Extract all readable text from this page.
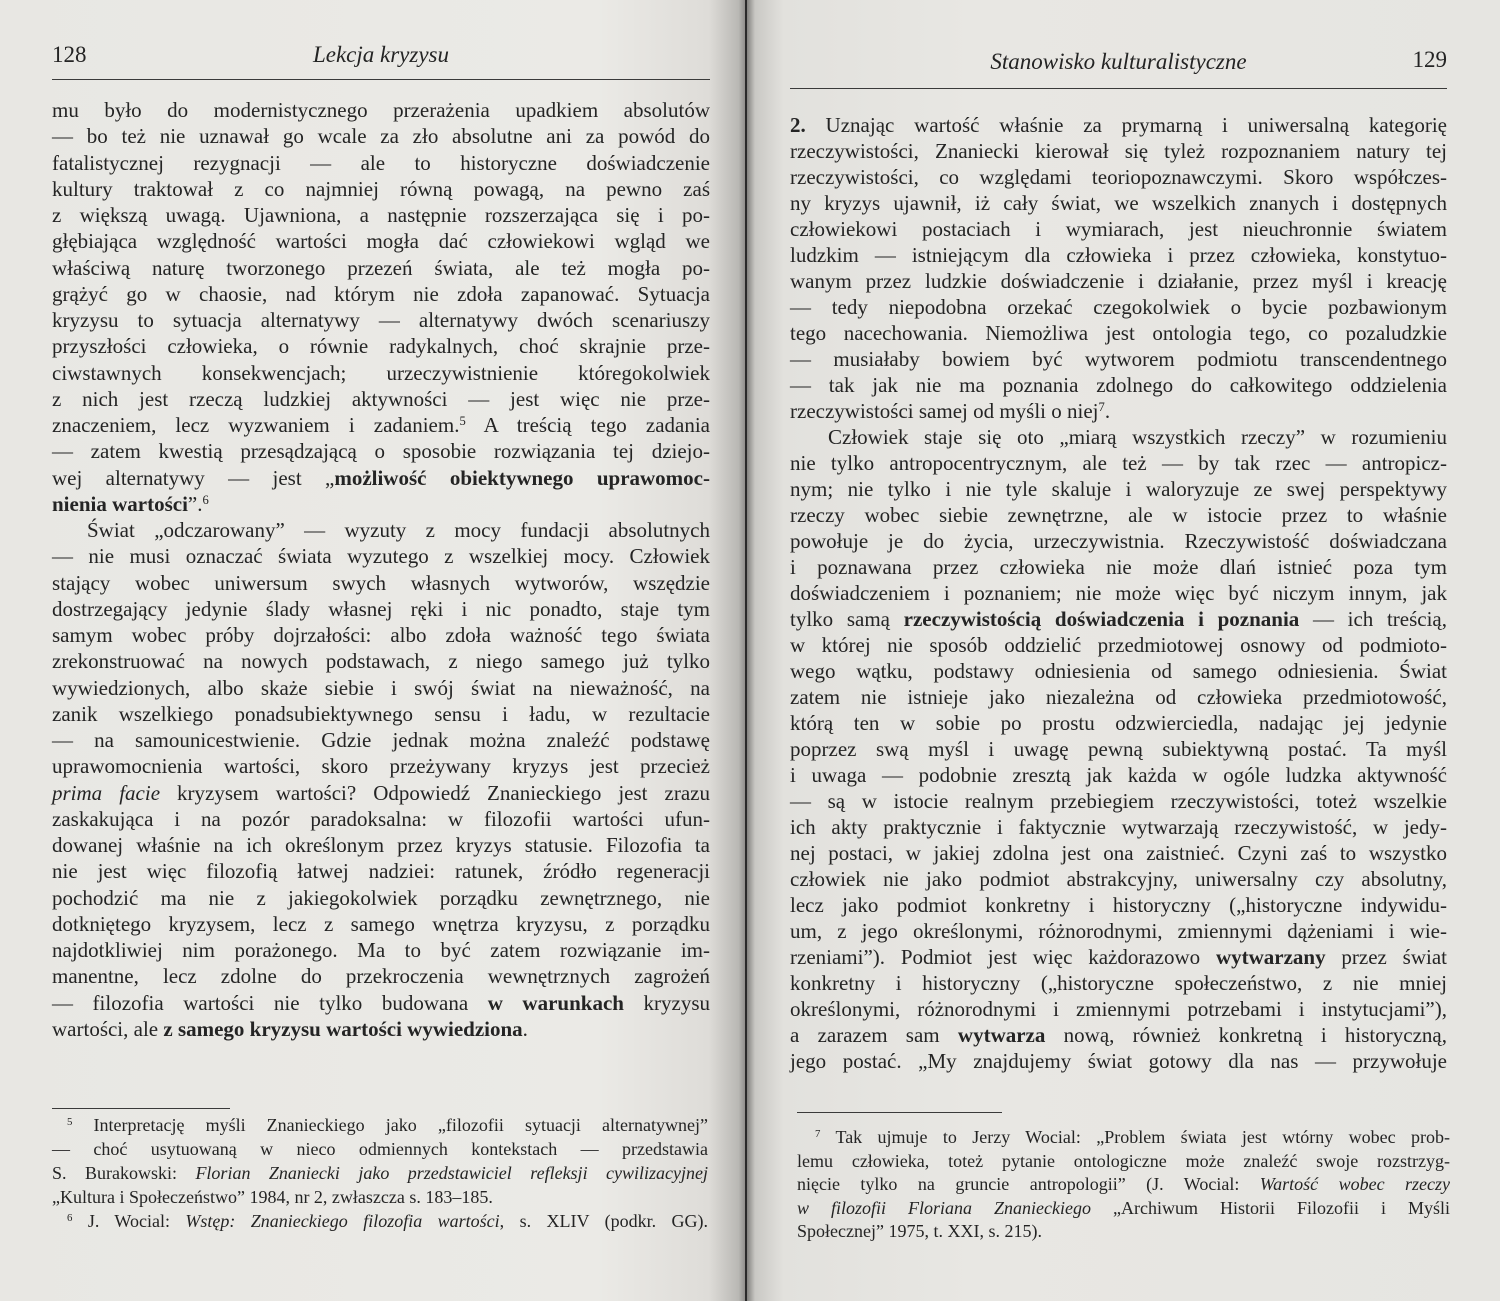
128	Lekcja kryzysu
mu było do modernistycznego przerażenia upadkiem absolutów
— bo też nie uznawał go wcale za zło absolutne ani za powód do
fatalistycznej rezygnacji — ale to historyczne doświadczenie
kultury traktował z co najmniej równą powagą, na pewno zaś
z większą uwagą. Ujawniona, a następnie rozszerzająca się i po-
głębiająca względność wartości mogła dać człowiekowi wgląd we
właściwą naturę tworzonego przezeń świata, ale też mogła po-
grążyć go w chaosie, nad którym nie zdoła zapanować. Sytuacja
kryzysu to sytuacja alternatywy — alternatywy dwóch scenariuszy
przyszłości człowieka, o równie radykalnych, choć skrajnie prze-
ciwstawnych konsekwencjach; urzeczywistnienie któregokolwiek
z nich jest rzeczą ludzkiej aktywności — jest więc nie prze-
znaczeniem, lecz wyzwaniem i zadaniem.$^5$ A treścią tego zadania
— zatem kwestią przesądzającą o sposobie rozwiązania tej dziejo-
wej alternatywy — jest „możliwość obiektywnego uprawomoc-
nienia wartości”.$^6$
Świat „odczarowany” — wyzuty z mocy fundacji absolutnych
— nie musi oznaczać świata wyzutego z wszelkiej mocy. Człowiek
stający wobec uniwersum swych własnych wytworów, wszędzie
dostrzegający jedynie ślady własnej ręki i nic ponadto, staje tym
samym wobec próby dojrzałości: albo zdoła ważność tego świata
zrekonstruować na nowych podstawach, z niego samego już tylko
wywiedzionych, albo skaże siebie i swój świat na nieważność, na
zanik wszelkiego ponadsubiektywnego sensu i ładu, w rezultacie
— na samounicestwienie. Gdzie jednak można znaleźć podstawę
uprawomocnienia wartości, skoro przeżywany kryzys jest przecież
prima facie kryzysem wartości? Odpowiedź Znanieckiego jest zrazu
zaskakująca i na pozór paradoksalna: w filozofii wartości ufun-
dowanej właśnie na ich określonym przez kryzys statusie. Filozofia ta
nie jest więc filozofią łatwej nadziei: ratunek, źródło regeneracji
pochodzić ma nie z jakiegokolwiek porządku zewnętrznego, nie
dotkniętego kryzysem, lecz z samego wnętrza kryzysu, z porządku
najdotkliwiej nim porażonego. Ma to być zatem rozwiązanie im-
manentne, lecz zdolne do przekroczenia wewnętrznych zagrożeń
— filozofia wartości nie tylko budowana w warunkach kryzysu
wartości, ale z samego kryzysu wartości wywiedziona.
$^5$ Interpretację myśli Znanieckiego jako „filozofii sytuacji alternatywnej”
— choć usytuowaną w nieco odmiennych kontekstach — przedstawia
S. Burakowski: Florian Znaniecki jako przedstawiciel refleksji cywilizacyjnej
„Kultura i Społeczeństwo” 1984, nr 2, zwłaszcza s. 183–185.
$^6$ J. Wocial: Wstęp: Znanieckiego filozofia wartości, s. XLIV (podkr. GG).
Stanowisko kulturalistyczne	129
2. Uznając wartość właśnie za prymarną i uniwersalną kategorię
rzeczywistości, Znaniecki kierował się tyleż rozpoznaniem natury tej
rzeczywistości, co względami teoriopoznawczymi. Skoro współczes-
ny kryzys ujawnił, iż cały świat, we wszelkich znanych i dostępnych
człowiekowi postaciach i wymiarach, jest nieuchronnie światem
ludzkim — istniejącym dla człowieka i przez człowieka, konstytuo-
wanym przez ludzkie doświadczenie i działanie, przez myśl i kreację
— tedy niepodobna orzekać czegokolwiek o bycie pozbawionym
tego nacechowania. Niemożliwa jest ontologia tego, co pozaludzkie
— musiałaby bowiem być wytworem podmiotu transcendentnego
— tak jak nie ma poznania zdolnego do całkowitego oddzielenia
rzeczywistości samej od myśli o niej$^7$.
Człowiek staje się oto „miarą wszystkich rzeczy” w rozumieniu
nie tylko antropocentrycznym, ale też — by tak rzec — antropicz-
nym; nie tylko i nie tyle skaluje i waloryzuje ze swej perspektywy
rzeczy wobec siebie zewnętrzne, ale w istocie przez to właśnie
powołuje je do życia, urzeczywistnia. Rzeczywistość doświadczana
i poznawana przez człowieka nie może dlań istnieć poza tym
doświadczeniem i poznaniem; nie może więc być niczym innym, jak
tylko samą rzeczywistością doświadczenia i poznania — ich treścią,
w której nie sposób oddzielić przedmiotowej osnowy od podmioto-
wego wątku, podstawy odniesienia od samego odniesienia. Świat
zatem nie istnieje jako niezależna od człowieka przedmiotowość,
którą ten w sobie po prostu odzwierciedla, nadając jej jedynie
poprzez swą myśl i uwagę pewną subiektywną postać. Ta myśl
i uwaga — podobnie zresztą jak każda w ogóle ludzka aktywność
— są w istocie realnym przebiegiem rzeczywistości, toteż wszelkie
ich akty praktycznie i faktycznie wytwarzają rzeczywistość, w jedy-
nej postaci, w jakiej zdolna jest ona zaistnieć. Czyni zaś to wszystko
człowiek nie jako podmiot abstrakcyjny, uniwersalny czy absolutny,
lecz jako podmiot konkretny i historyczny („historyczne indywidu-
um, z jego określonymi, różnorodnymi, zmiennymi dążeniami i wie-
rzeniami”). Podmiot jest więc każdorazowo wytwarzany przez świat
konkretny i historyczny („historyczne społeczeństwo, z nie mniej
określonymi, różnorodnymi i zmiennymi potrzebami i instytucjami”),
a zarazem sam wytwarza nową, również konkretną i historyczną,
jego postać. „My znajdujemy świat gotowy dla nas — przywołuje
$^7$ Tak ujmuje to Jerzy Wocial: „Problem świata jest wtórny wobec prob-
lemu człowieka, toteż pytanie ontologiczne może znaleźć swoje rozstrzyg-
nięcie tylko na gruncie antropologii” (J. Wocial: Wartość wobec rzeczy
w filozofii Floriana Znanieckiego „Archiwum Historii Filozofii i Myśli
Społecznej” 1975, t. XXI, s. 215).
